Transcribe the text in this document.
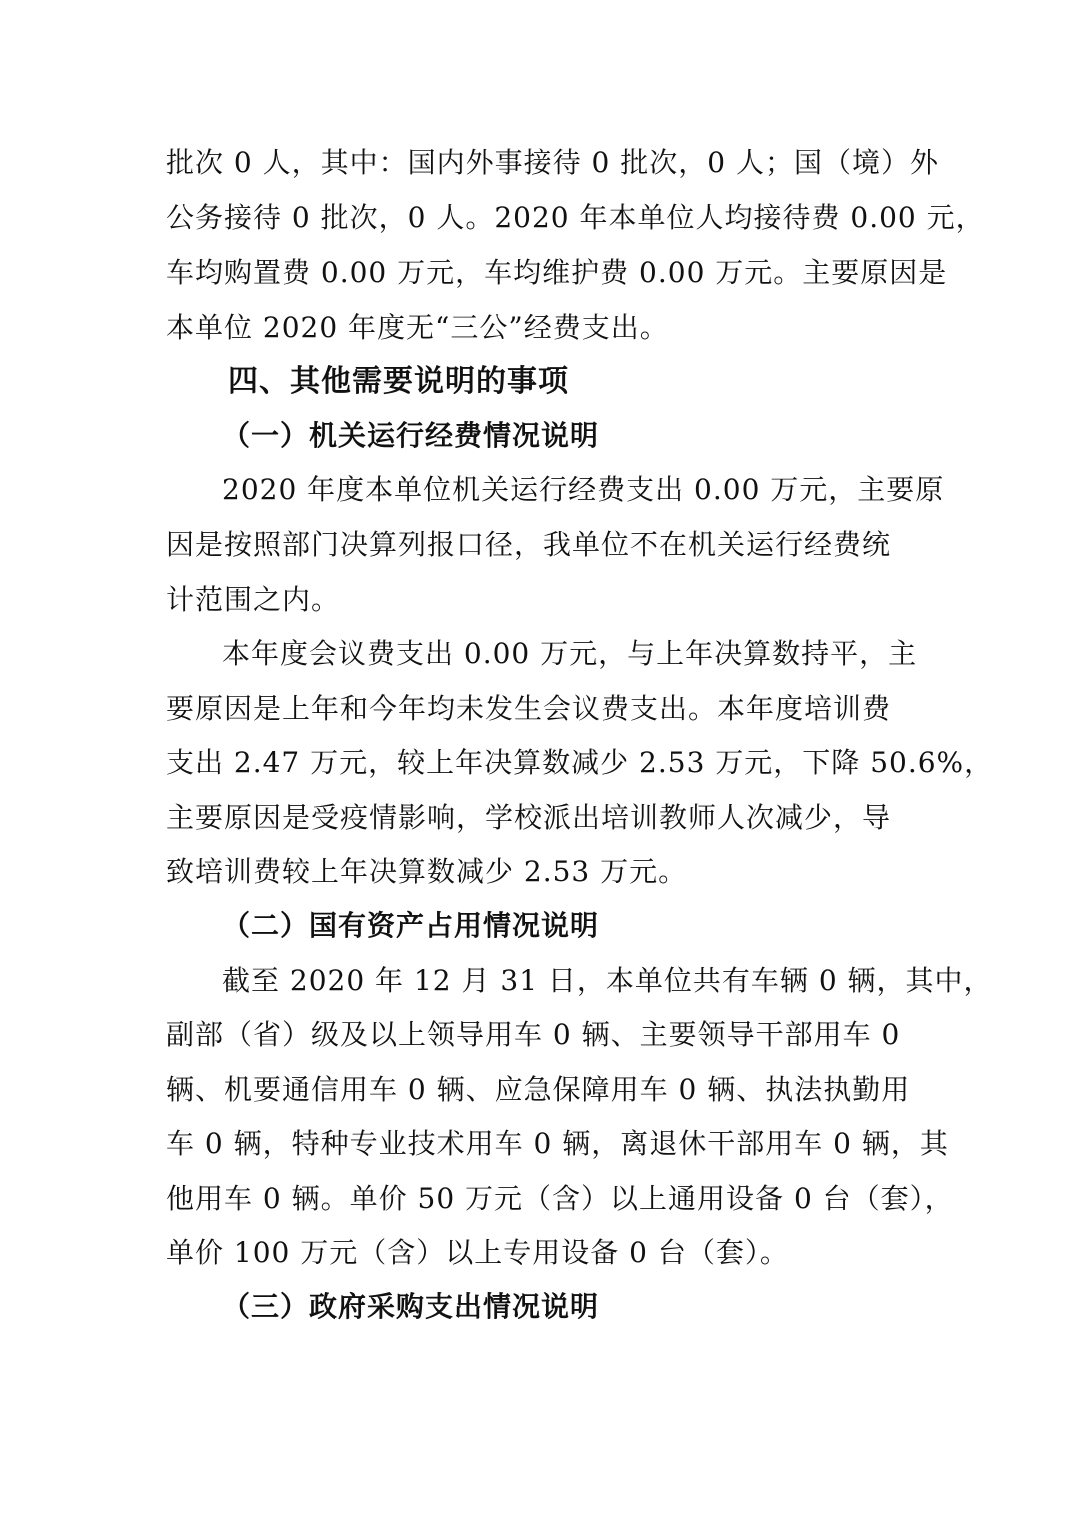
批次 0 人，其中：国内外事接待 0 批次，0 人；国（境）外
公务接待 0 批次，0 人。2020 年本单位人均接待费 0.00 元，
车均购置费 0.00 万元，车均维护费 0.00 万元。主要原因是
本单位 2020 年度无“三公”经费支出。
四、其他需要说明的事项
（一）机关运行经费情况说明
2020 年度本单位机关运行经费支出 0.00 万元，主要原
因是按照部门决算列报口径，我单位不在机关运行经费统
计范围之内。
本年度会议费支出 0.00 万元，与上年决算数持平，主
要原因是上年和今年均未发生会议费支出。本年度培训费
支出 2.47 万元，较上年决算数减少 2.53 万元，下降 50.6%，
主要原因是受疫情影响，学校派出培训教师人次减少，导
致培训费较上年决算数减少 2.53 万元。
（二）国有资产占用情况说明
截至 2020 年 12 月 31 日，本单位共有车辆 0 辆，其中，
副部（省）级及以上领导用车 0 辆、主要领导干部用车 0
辆、机要通信用车 0 辆、应急保障用车 0 辆、执法执勤用
车 0 辆，特种专业技术用车 0 辆，离退休干部用车 0 辆，其
他用车 0 辆。单价 50 万元（含）以上通用设备 0 台（套），
单价 100 万元（含）以上专用设备 0 台（套）。
（三）政府采购支出情况说明
